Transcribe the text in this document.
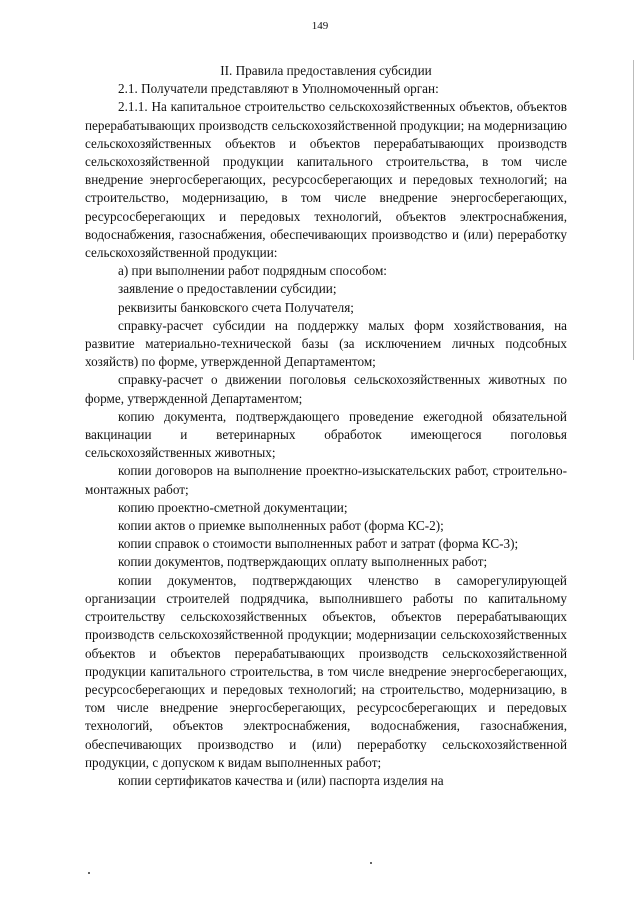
149

II. Правила предоставления субсидии

2.1. Получатели представляют в Уполномоченный орган:

2.1.1. На капитальное строительство сельскохозяйственных объектов, объектов перерабатывающих производств сельскохозяйственной продукции; на модернизацию сельскохозяйственных объектов и объектов перерабатывающих производств сельскохозяйственной продукции капитального строительства, в том числе внедрение энергосберегающих, ресурсосберегающих и передовых технологий; на строительство, модернизацию, в том числе внедрение энергосберегающих, ресурсосберегающих и передовых технологий, объектов электроснабжения, водоснабжения, газоснабжения, обеспечивающих производство и (или) переработку сельскохозяйственной продукции:

а) при выполнении работ подрядным способом:

заявление о предоставлении субсидии;

реквизиты банковского счета Получателя;

справку-расчет субсидии на поддержку малых форм хозяйствования, на развитие материально-технической базы (за исключением личных подсобных хозяйств) по форме, утвержденной Департаментом;

справку-расчет о движении поголовья сельскохозяйственных животных по форме, утвержденной Департаментом;

копию документа, подтверждающего проведение ежегодной обязательной вакцинации и ветеринарных обработок имеющегося поголовья сельскохозяйственных животных;

копии договоров на выполнение проектно-изыскательских работ, строительно-монтажных работ;

копию проектно-сметной документации;

копии актов о приемке выполненных работ (форма КС-2);

копии справок о стоимости выполненных работ и затрат (форма КС-3);

копии документов, подтверждающих оплату выполненных работ;

копии документов, подтверждающих членство в саморегулирующей организации строителей подрядчика, выполнившего работы по капитальному строительству сельскохозяйственных объектов, объектов перерабатывающих производств сельскохозяйственной продукции; модернизации сельскохозяйственных объектов и объектов перерабатывающих производств сельскохозяйственной продукции капитального строительства, в том числе внедрение энергосберегающих, ресурсосберегающих и передовых технологий; на строительство, модернизацию, в том числе внедрение энергосберегающих, ресурсосберегающих и передовых технологий, объектов электроснабжения, водоснабжения, газоснабжения, обеспечивающих производство и (или) переработку сельскохозяйственной продукции, с допуском к видам выполненных работ;

копии сертификатов качества и (или) паспорта изделия на
